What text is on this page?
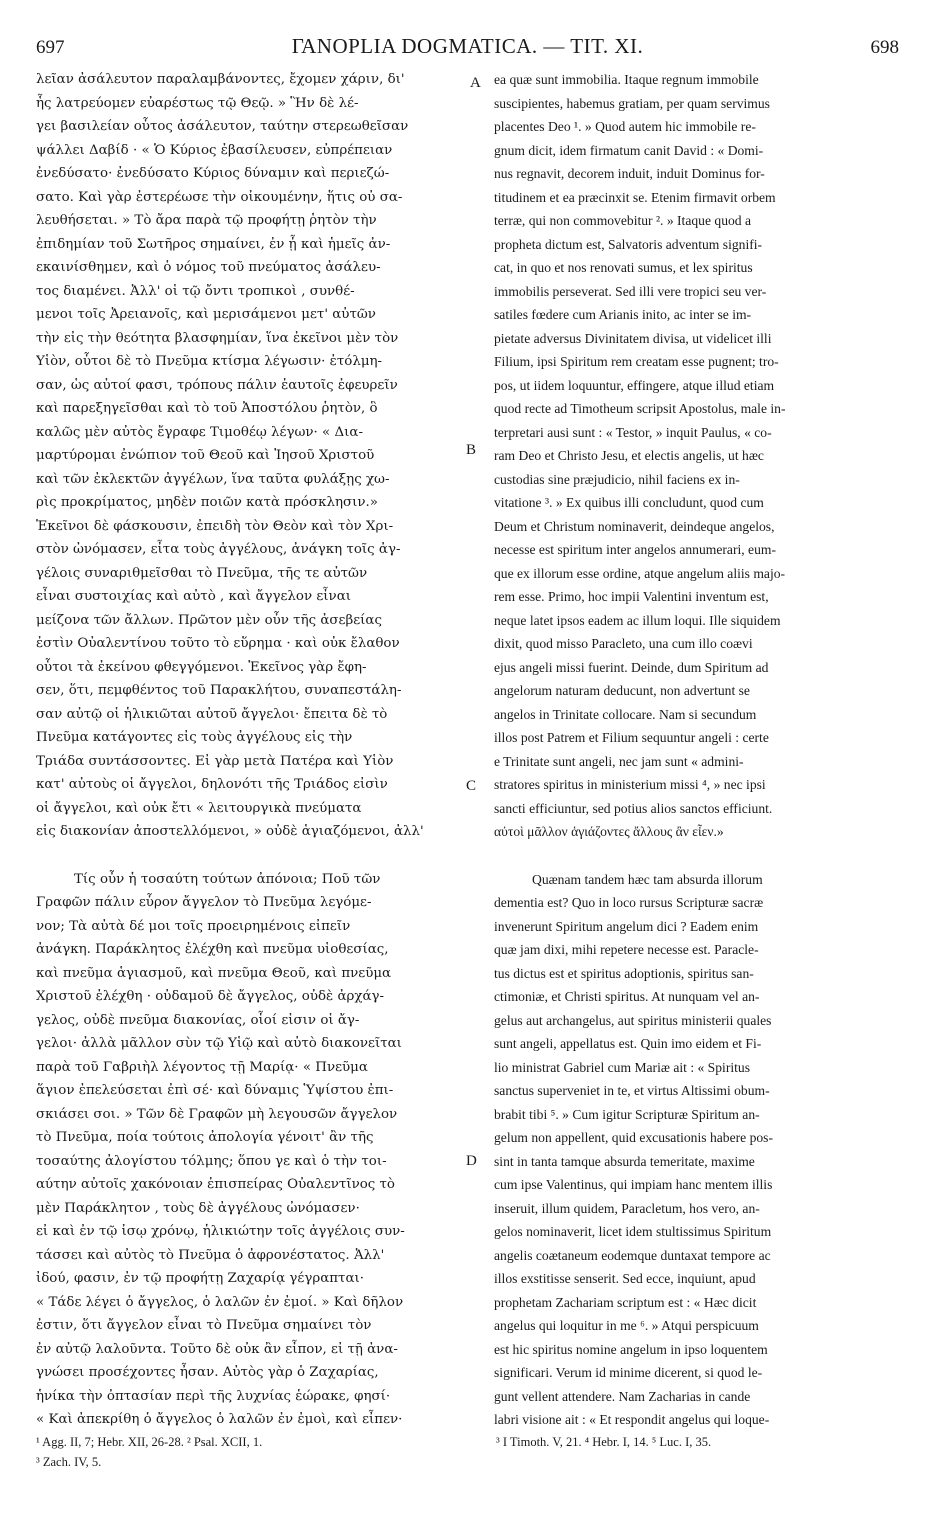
697	ΓΑΝΟΡLIA DOGMATICA. — TIT. XI.	698
λεῖαν ἀσάλευτον παραλαμβάνοντες, ἔχομεν χάριν, δι'
ἧς λατρεύομεν εὐαρέστως τῷ Θεῷ. » Ἣν δὲ λέ-
γει βασιλείαν οὗτος ἀσάλευτον, ταύτην στερεωθεῖσαν
ψάλλει Δαβίδ · « Ὁ Κύριος ἐβασίλευσεν, εὐπρέπειαν
ἐνεδύσατο· ἐνεδύσατο Κύριος δύναμιν καὶ περιεζώ-
σατο. Καὶ γὰρ ἐστερέωσε τὴν οἰκουμένην, ἥτις οὐ σα-
λευθήσεται. » Τὸ ἄρα παρὰ τῷ προφήτῃ ῥητὸν τὴν
ἐπιδημίαν τοῦ Σωτῆρος σημαίνει, ἐν ᾗ καὶ ἡμεῖς ἀν-
εκαινίσθημεν, καὶ ὁ νόμος τοῦ πνεύματος ἀσάλευ-
τος διαμένει. Ἀλλ' οἱ τῷ ὄντι τροπικοὶ , συνθέ-
μενοι τοῖς Ἀρειανοῖς, καὶ μερισάμενοι μετ' αὐτῶν
τὴν εἰς τὴν θεότητα βλασφημίαν, ἵνα ἐκεῖνοι μὲν τὸν
Υἱὸν, οὗτοι δὲ τὸ Πνεῦμα κτίσμα λέγωσιν· ἐτόλμη-
σαν, ὡς αὐτοί φασι, τρόπους πάλιν ἑαυτοῖς ἐφευρεῖν
καὶ παρεξηγεῖσθαι καὶ τὸ τοῦ Ἀποστόλου ῥητὸν, ὃ
καλῶς μὲν αὐτὸς ἔγραφε Τιμοθέῳ λέγων· « Δια-
μαρτύρομαι ἐνώπιον τοῦ Θεοῦ καὶ Ἰησοῦ Χριστοῦ
καὶ τῶν ἐκλεκτῶν ἀγγέλων, ἵνα ταῦτα φυλάξῃς χω-
ρὶς προκρίματος, μηδὲν ποιῶν κατὰ πρόσκλησιν.»
Ἐκεῖνοι δὲ φάσκουσιν, ἐπειδὴ τὸν Θεὸν καὶ τὸν Χρι-
στὸν ὠνόμασεν, εἶτα τοὺς ἀγγέλους, ἀνάγκη τοῖς ἀγ-
γέλοις συναριθμεῖσθαι τὸ Πνεῦμα, τῆς τε αὐτῶν
εἶναι συστοιχίας καὶ αὐτὸ , καὶ ἄγγελον εἶναι
μείζονα τῶν ἄλλων. Πρῶτον μὲν οὖν τῆς ἀσεβείας
ἐστὶν Οὐαλεντίνου τοῦτο τὸ εὕρημα · καὶ οὐκ ἔλαθον
οὗτοι τὰ ἐκείνου φθεγγόμενοι. Ἐκεῖνος γὰρ ἔφη-
σεν, ὅτι, πεμφθέντος τοῦ Παρακλήτου, συναπεστάλη-
σαν αὐτῷ οἱ ἡλικιῶται αὐτοῦ ἄγγελοι· ἔπειτα δὲ τὸ
Πνεῦμα κατάγοντες εἰς τοὺς ἀγγέλους εἰς τὴν
Τριάδα συντάσσοντες. Εἰ γὰρ μετὰ Πατέρα καὶ Υἱὸν
κατ' αὐτοὺς οἱ ἄγγελοι, δηλονότι τῆς Τριάδος εἰσὶν
οἱ ἄγγελοι, καὶ οὐκ ἔτι « λειτουργικὰ πνεύματα
εἰς διακονίαν ἀποστελλόμενοι, » οὐδὲ ἁγιαζόμενοι, ἀλλ'
Τίς οὖν ἡ τοσαύτη τούτων ἀπόνοια; Ποῦ τῶν
Γραφῶν πάλιν εὗρον ἄγγελον τὸ Πνεῦμα λεγόμε-
νον; Τὰ αὐτὰ δέ μοι τοῖς προειρημένοις εἰπεῖν
ἀνάγκη. Παράκλητος ἐλέχθη καὶ πνεῦμα υἱοθεσίας,
καὶ πνεῦμα ἁγιασμοῦ, καὶ πνεῦμα Θεοῦ, καὶ πνεῦμα
Χριστοῦ ἐλέχθη · οὐδαμοῦ δὲ ἄγγελος, οὐδὲ ἀρχάγ-
γελος, οὐδὲ πνεῦμα διακονίας, οἷοί εἰσιν οἱ ἄγ-
γελοι· ἀλλὰ μᾶλλον σὺν τῷ Υἱῷ καὶ αὐτὸ διακονεῖται
παρὰ τοῦ Γαβριὴλ λέγοντος τῇ Μαρίᾳ· « Πνεῦμα
ἅγιον ἐπελεύσεται ἐπὶ σέ· καὶ δύναμις Ὑψίστου ἐπι-
σκιάσει σοι. » Τῶν δὲ Γραφῶν μὴ λεγουσῶν ἄγγελον
τὸ Πνεῦμα, ποία τούτοις ἀπολογία γένοιτ' ἂν τῆς
τοσαύτης ἀλογίστου τόλμης; ὅπου γε καὶ ὁ τὴν τοι-
αύτην αὐτοῖς χακόνοιαν ἐπισπείρας Οὐαλεντῖνος τὸ
μὲν Παράκλητον , τοὺς δὲ ἀγγέλους ὠνόμασεν·
εἰ καὶ ἐν τῷ ἰσῳ χρόνῳ, ἡλικιώτην τοῖς ἀγγέλοις συν-
τάσσει καὶ αὐτὸς τὸ Πνεῦμα ὁ ἀφρονέστατος. Ἀλλ'
ἰδού, φασιν, ἐν τῷ προφήτῃ Ζαχαρίᾳ γέγραπται·
« Τάδε λέγει ὁ ἄγγελος, ὁ λαλῶν ἐν ἐμοί. » Καὶ δῆλον
ἐστιν, ὅτι ἄγγελον εἶναι τὸ Πνεῦμα σημαίνει τὸν
ἐν αὐτῷ λαλοῦντα. Τοῦτο δὲ οὐκ ἂν εἶπον, εἰ τῇ ἀνα-
γνώσει προσέχοντες ἦσαν. Αὐτὸς γὰρ ὁ Ζαχαρίας,
ἡνίκα τὴν ὀπτασίαν περὶ τῆς λυχνίας ἑώρακε, φησί·
« Καὶ ἀπεκρίθη ὁ ἄγγελος ὁ λαλῶν ἐν ἐμοὶ, καὶ εἶπεν·
ea quæ sunt immobilia. Itaque regnum immobile
suscipientes, habemus gratiam, per quam servimus
placentes Deo ¹. » Quod autem hic immobile re-
gnum dicit, idem firmatum canit David : « Domi-
nus regnavit, decorem induit, induit Dominus for-
titudinem et ea præcinxit se. Etenim firmavit orbem
terræ, qui non commovebitur ². » Itaque quod a
propheta dictum est, Salvatoris adventum signifi-
cat, in quo et nos renovati sumus, et lex spiritus
immobilis perseverat. Sed illi vere tropici seu ver-
satiles fœdere cum Arianis inito, ac inter se im-
pietate adversus Divinitatem divisa, ut videlicet illi
Filium, ipsi Spiritum rem creatam esse pugnent; tro-
pos, ut iidem loquuntur, effingere, atque illud etiam
quod recte ad Timotheum scripsit Apostolus, male in-
terpretari ausi sunt : « Testor, » inquit Paulus, « co-
ram Deo et Christo Jesu, et electis angelis, ut hæc
custodias sine præjudicio, nihil faciens ex in-
vitatione ³. » Ex quibus illi concludunt, quod cum
Deum et Christum nominaverit, deindeque angelos,
necesse est spiritum inter angelos annumerari, eum-
que ex illorum esse ordine, atque angelum aliis majo-
rem esse. Primo, hoc impii Valentini inventum est,
neque latet ipsos eadem ac illum loqui. Ille siquidem
dixit, quod misso Paracleto, una cum illo coævi
ejus angeli missi fuerint. Deinde, dum Spiritum ad
angelorum naturam deducunt, non advertunt se
angelos in Trinitate collocare. Nam si secundum
illos post Patrem et Filium sequuntur angeli : certe
e Trinitate sunt angeli, nec jam sunt « admini-
stratores spiritus in ministerium missi ⁴, » nec ipsi
sancti efficiuntur, sed potius alios sanctos efficiunt.
αὐτοὶ μᾶλλον ἁγιάζοντες ἄλλους ἂν εἶεν.»
Quænam tandem hæc tam absurda illorum
dementia est? Quo in loco rursus Scripturæ sacræ
invenerunt Spiritum angelum dici ? Eadem enim
quæ jam dixi, mihi repetere necesse est. Paracle-
tus dictus est et spiritus adoptionis, spiritus san-
ctimoniæ, et Christi spiritus. At nunquam vel an-
gelus aut archangelus, aut spiritus ministerii quales
sunt angeli, appellatus est. Quin imo eidem et Fi-
lio ministrat Gabriel cum Mariæ ait : « Spiritus
sanctus superveniet in te, et virtus Altissimi obum-
brabit tibi ⁵. » Cum igitur Scripturæ Spiritum an-
gelum non appellent, quid excusationis habere pos-
sint in tanta tamque absurda temeritate, maxime
cum ipse Valentinus, qui impiam hanc mentem illis
inseruit, illum quidem, Paracletum, hos vero, an-
gelos nominaverit, licet idem stultissimus Spiritum
angelis coætaneum eodemque duntaxat tempore ac
illos exstitisse senserit. Sed ecce, inquiunt, apud
prophetam Zachariam scriptum est : « Hæc dicit
angelus qui loquitur in me ⁶. » Atqui perspicuum
est hic spiritus nomine angelum in ipso loquentem
significari. Verum id minime dicerent, si quod le-
gunt vellent attendere. Nam Zacharias in cande
labri visione ait : « Et respondit angelus qui loque-
A
B
C
D
¹ Agg. II, 7; Hebr. XII, 26-28. ² Psal. XCII, 1.
³ Zach. IV, 5.
³ I Timoth. V, 21. ⁴ Hebr. I, 14. ⁵ Luc. I, 35.
